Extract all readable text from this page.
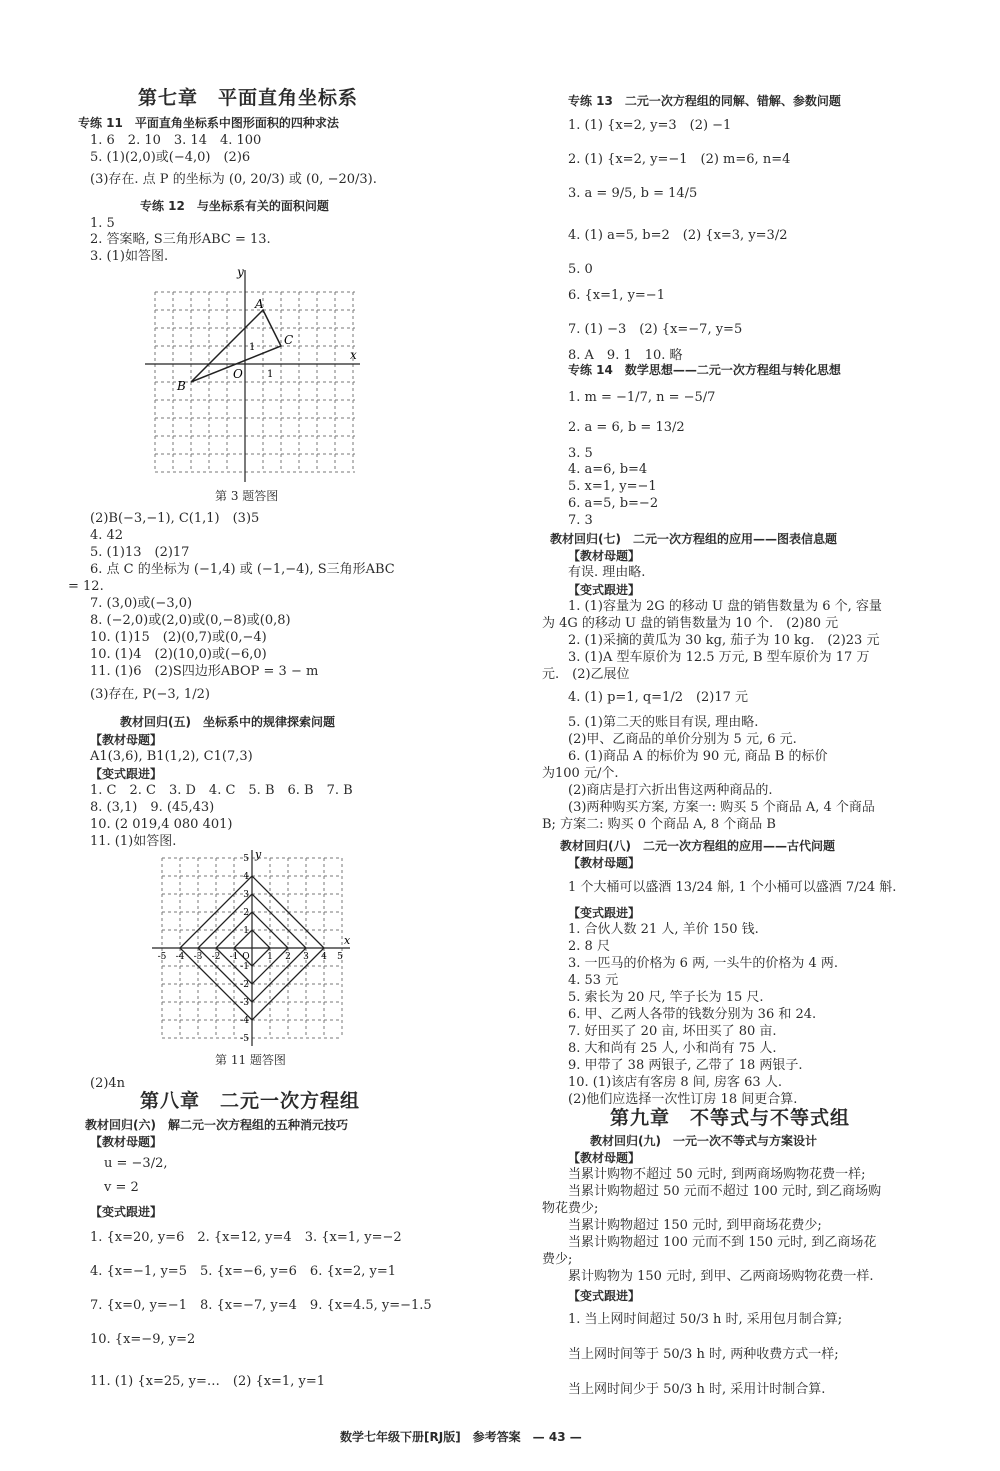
第七章　平面直角坐标系
专练 11　平面直角坐标系中图形面积的四种求法
1. 6　2. 10　3. 14　4. 100
5. (1)(2,0)或(−4,0)　(2)6
(3)存在. 点 P 的坐标为 (0, 20/3) 或 (0, −20/3).
专练 12　与坐标系有关的面积问题
1. 5
2. 答案略, S三角形ABC = 13.
3. (1)如答图.
x
y
A
B
C
O 1
1
第 3 题答图
(2)B(−3,−1), C(1,1)　(3)5
4. 42
5. (1)13　(2)17
6. 点 C 的坐标为 (−1,4) 或 (−1,−4), S三角形ABC
= 12.
7. (3,0)或(−3,0)
8. (−2,0)或(2,0)或(0,−8)或(0,8)
10. (1)15　(2)(0,7)或(0,−4)
10. (1)4　(2)(10,0)或(−6,0)
11. (1)6　(2)S四边形ABOP = 3 − m
(3)存在, P(−3, 1/2)
教材回归(五)　坐标系中的规律探索问题
【教材母题】
A1(3,6), B1(1,2), C1(7,3)
【变式跟进】
1. C　2. C　3. D　4. C　5. B　6. B　7. B
8. (3,1)　9. (45,43)
10. (2 019,4 080 401)
11. (1)如答图.
x
y
-5 -4 -3 -2 -1 O 1 2 3 4 5
5
4
3
2
1
-1
-2
-3
-4
-5
第 11 题答图
(2)4n
第八章　二元一次方程组
教材回归(六)　解二元一次方程组的五种消元技巧
【教材母题】
u = −3/2,
v = 2
【变式跟进】
1. {x=20, y=6　2. {x=12, y=4　3. {x=1, y=−2
4. {x=−1, y=5　5. {x=−6, y=6　6. {x=2, y=1
7. {x=0, y=−1　8. {x=−7, y=4　9. {x=4.5, y=−1.5
10. {x=−9, y=2
11. (1) {x=25, y=…　(2) {x=1, y=1
专练 13　二元一次方程组的同解、错解、参数问题
1. (1) {x=2, y=3　(2) −1
2. (1) {x=2, y=−1　(2) m=6, n=4
3. a = 9/5, b = 14/5
4. (1) a=5, b=2　(2) {x=3, y=3/2
5. 0
6. {x=1, y=−1
7. (1) −3　(2) {x=−7, y=5
8. A　9. 1　10. 略
专练 14　数学思想——二元一次方程组与转化思想
1. m = −1/7, n = −5/7
2. a = 6, b = 13/2
3. 5
4. a=6, b=4
5. x=1, y=−1
6. a=5, b=−2
7. 3
教材回归(七)　二元一次方程组的应用——图表信息题
【教材母题】
有误. 理由略.
【变式跟进】
1. (1)容量为 2G 的移动 U 盘的销售数量为 6 个, 容量
为 4G 的移动 U 盘的销售数量为 10 个.　(2)80 元
2. (1)采摘的黄瓜为 30 kg, 茄子为 10 kg.　(2)23 元
3. (1)A 型车原价为 12.5 万元, B 型车原价为 17 万
元.　(2)乙展位
4. (1) p=1, q=1/2　(2)17 元
5. (1)第二天的账目有误, 理由略.
(2)甲、乙商品的单价分别为 5 元, 6 元.
6. (1)商品 A 的标价为 90 元, 商品 B 的标价
为100 元/个.
(2)商店是打六折出售这两种商品的.
(3)两种购买方案, 方案一: 购买 5 个商品 A, 4 个商品
B; 方案二: 购买 0 个商品 A, 8 个商品 B
教材回归(八)　二元一次方程组的应用——古代问题
【教材母题】
1 个大桶可以盛酒 13/24 斛, 1 个小桶可以盛酒 7/24 斛.
【变式跟进】
1. 合伙人数 21 人, 羊价 150 钱.
2. 8 尺
3. 一匹马的价格为 6 两, 一头牛的价格为 4 两.
4. 53 元
5. 索长为 20 尺, 竿子长为 15 尺.
6. 甲、乙两人各带的钱数分别为 36 和 24.
7. 好田买了 20 亩, 坏田买了 80 亩.
8. 大和尚有 25 人, 小和尚有 75 人.
9. 甲带了 38 两银子, 乙带了 18 两银子.
10. (1)该店有客房 8 间, 房客 63 人.
(2)他们应选择一次性订房 18 间更合算.
第九章　不等式与不等式组
教材回归(九)　一元一次不等式与方案设计
【教材母题】
当累计购物不超过 50 元时, 到两商场购物花费一样;
当累计购物超过 50 元而不超过 100 元时, 到乙商场购
物花费少;
当累计购物超过 150 元时, 到甲商场花费少;
当累计购物超过 100 元而不到 150 元时, 到乙商场花
费少;
累计购物为 150 元时, 到甲、乙两商场购物花费一样.
【变式跟进】
1. 当上网时间超过 50/3 h 时, 采用包月制合算;
当上网时间等于 50/3 h 时, 两种收费方式一样;
当上网时间少于 50/3 h 时, 采用计时制合算.
数学七年级下册[RJ版]　参考答案　— 43 —
